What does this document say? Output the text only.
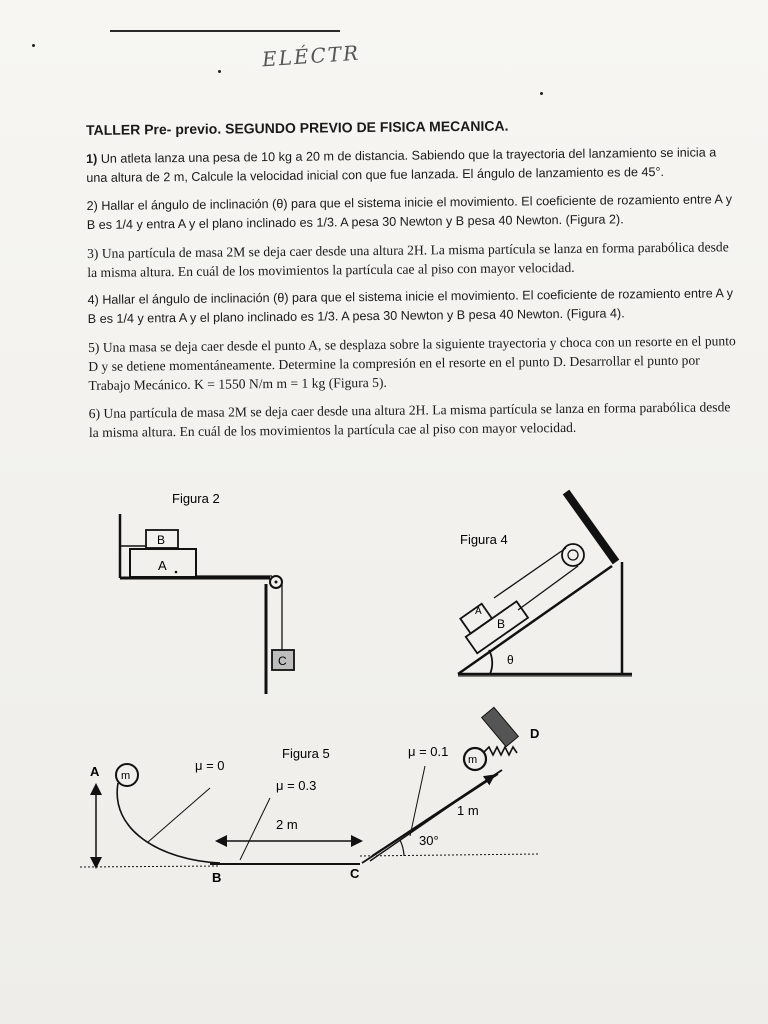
ELÉCTR
TALLER Pre- previo. SEGUNDO PREVIO DE FISICA MECANICA.

1) Un atleta lanza una pesa de 10 kg a 20 m de distancia. Sabiendo que la trayectoria del lanzamiento se inicia a una altura de 2 m, Calcule la velocidad inicial con que fue lanzada. El ángulo de lanzamiento es de 45°.

2) Hallar el ángulo de inclinación (θ) para que el sistema inicie el movimiento. El coeficiente de rozamiento entre A y B es 1/4 y entra A y el plano inclinado es 1/3. A pesa 30 Newton y B pesa 40 Newton. (Figura 2).

3) Una partícula de masa 2M se deja caer desde una altura 2H. La misma partícula se lanza en forma parabólica desde la misma altura. En cuál de los movimientos la partícula cae al piso con mayor velocidad.

4) Hallar el ángulo de inclinación (θ) para que el sistema inicie el movimiento. El coeficiente de rozamiento entre A y B es 1/4 y entra A y el plano inclinado es 1/3. A pesa 30 Newton y B pesa 40 Newton. (Figura 4).

5) Una masa se deja caer desde el punto A, se desplaza sobre la siguiente trayectoria y choca con un resorte en el punto D y se detiene momentáneamente. Determine la compresión en el resorte en el punto D. Desarrollar el punto por Trabajo Mecánico. K = 1550 N/m m = 1 kg (Figura 5).

6) Una partícula de masa 2M se deja caer desde una altura 2H. La misma partícula se lanza en forma parabólica desde la misma altura. En cuál de los movimientos la partícula cae al piso con mayor velocidad.

Figura 2
B
A
C
Figura 4
A
B
θ
Figura 5
A m
μ = 0
μ = 0.3
2 m
B	C
1 m
30°
μ = 0.1
m
D
